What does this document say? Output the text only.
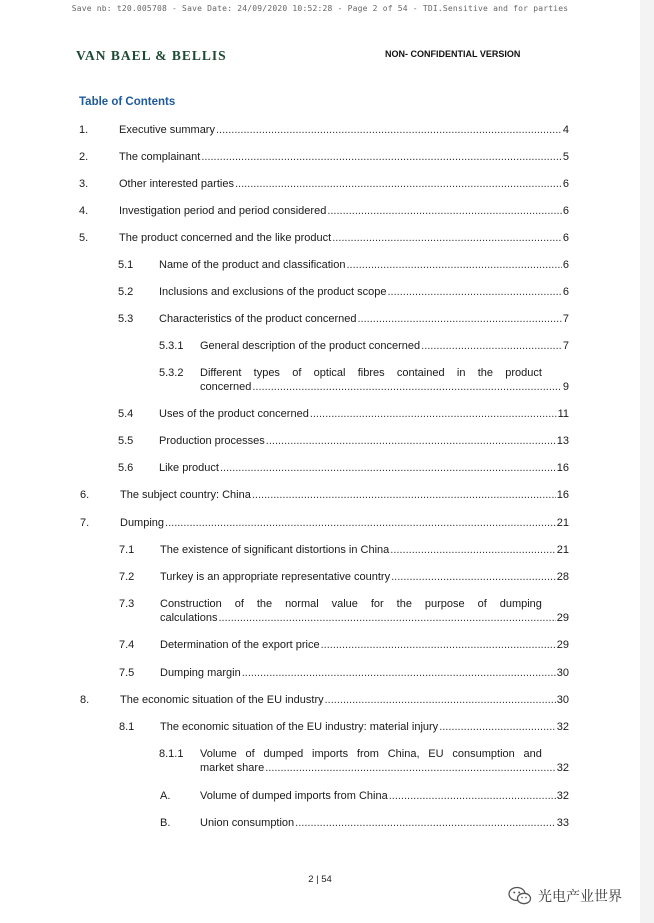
Save nb: t20.005708 - Save Date: 24/09/2020 10:52:28 - Page 2 of 54 - TDI.Sensitive and for parties
VAN BAEL & BELLIS	NON- CONFIDENTIAL VERSION
Table of Contents
1.	Executive summary .....	4
2.	The complainant .....	5
3.	Other interested parties .....	6
4.	Investigation period and period considered .....	6
5.	The product concerned and the like product .....	6
5.1 Name of the product and classification .....	6
5.2 Inclusions and exclusions of the product scope .....	6
5.3 Characteristics of the product concerned .....	7
5.3.1 General description of the product concerned .....	7
5.3.2 Different types of optical fibres contained in the product
concerned .....	9
5.4 Uses of the product concerned .....	11
5.5 Production processes .....	13
5.6 Like product .....	16
6.	The subject country: China .....	16
7.	Dumping .....	21
7.1 The existence of significant distortions in China .....	21
7.2 Turkey is an appropriate representative country .....	28
7.3 Construction of the normal value for the purpose of dumping
calculations .....	29
7.4 Determination of the export price .....	29
7.5 Dumping margin .....	30
8.	The economic situation of the EU industry .....	30
8.1 The economic situation of the EU industry: material injury .....	32
8.1.1 Volume of dumped imports from China, EU consumption and
market share .....	32
A.	Volume of dumped imports from China .....	32
B.	Union consumption .....	33
2 | 54
光电产业世界
